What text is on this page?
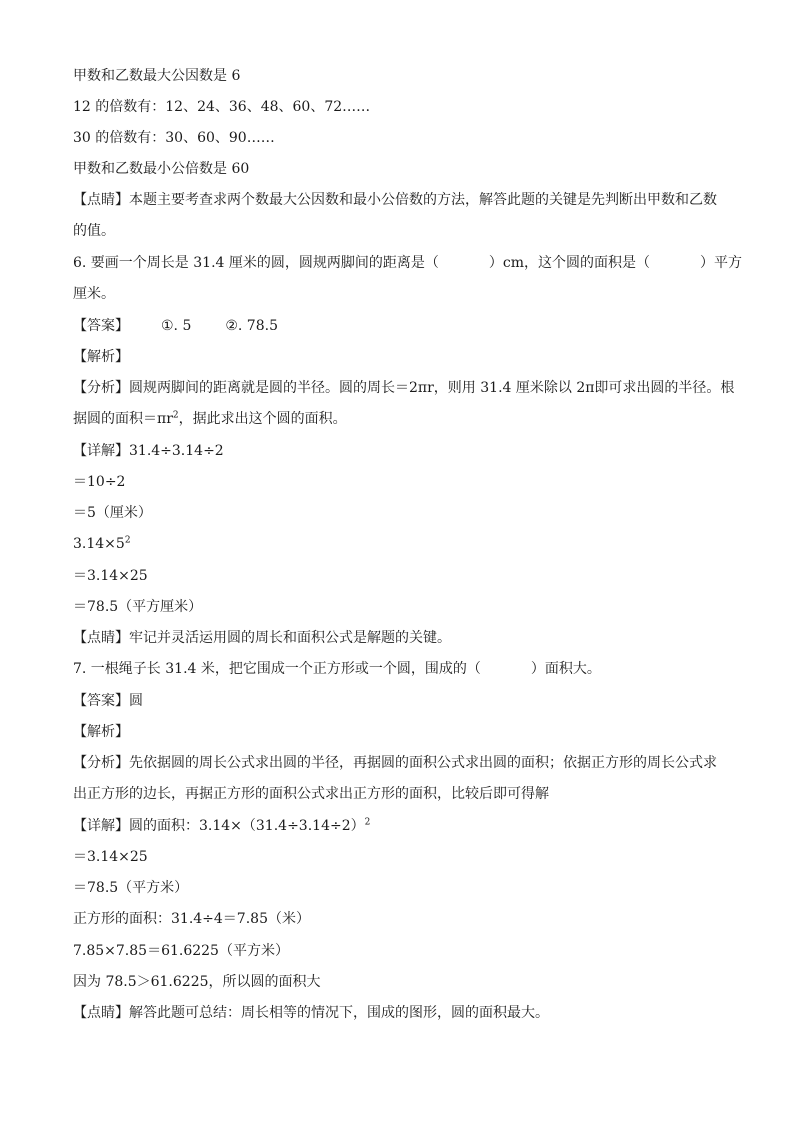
甲数和乙数最大公因数是 6
12 的倍数有：12、24、36、48、60、72……
30 的倍数有：30、60、90……
甲数和乙数最小公倍数是 60
【点睛】本题主要考查求两个数最大公因数和最小公倍数的方法，解答此题的关键是先判断出甲数和乙数的值。
6. 要画一个周长是 31.4 厘米的圆，圆规两脚间的距离是（	）cm，这个圆的面积是（	）平方
厘米。
【答案】 ①. 5 ②. 78.5
【解析】
【分析】圆规两脚间的距离就是圆的半径。圆的周长＝2πr，则用 31.4 厘米除以 2π即可求出圆的半径。根
据圆的面积$=\pi r^2$，据此求出这个圆的面积。
【详解】31.4÷3.14÷2
＝10÷2
＝5（厘米）
$3.14\times 5^2$
＝3.14×25
＝78.5（平方厘米）
【点睛】牢记并灵活运用圆的周长和面积公式是解题的关键。
7. 一根绳子长 31.4 米，把它围成一个正方形或一个圆，围成的（	）面积大。
【答案】圆
【解析】
【分析】先依据圆的周长公式求出圆的半径，再据圆的面积公式求出圆的面积；依据正方形的周长公式求出正方形的边长，再据正方形的面积公式求出正方形的面积，比较后即可得解
【详解】圆的面积：$3.14\times(31.4\div 3.14\div 2)^2$
＝3.14×25
＝78.5（平方米）
正方形的面积：31.4÷4＝7.85（米）
7.85×7.85＝61.6225（平方米）
因为 78.5＞61.6225，所以圆的面积大
【点睛】解答此题可总结：周长相等的情况下，围成的图形，圆的面积最大。
